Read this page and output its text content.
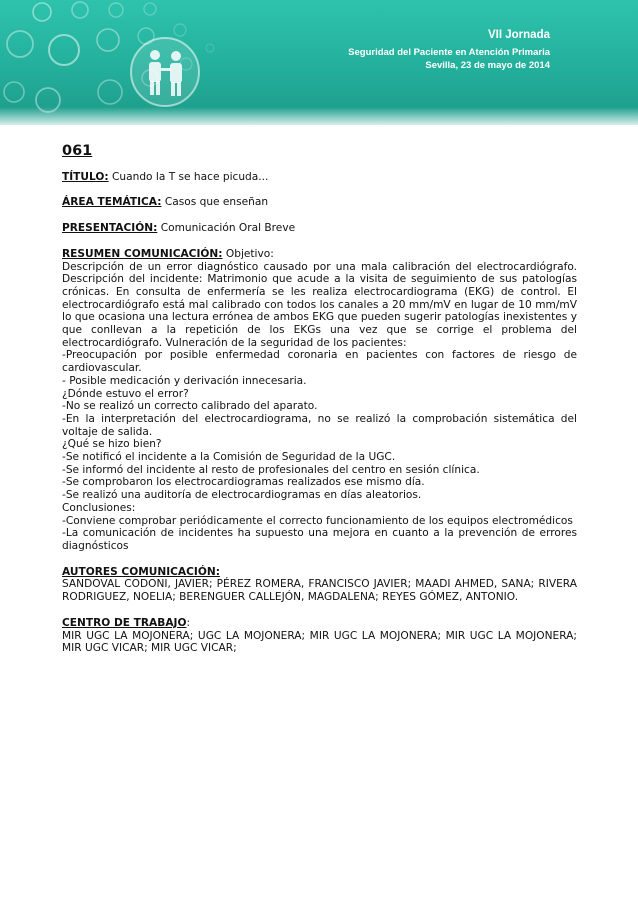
VII Jornada
Seguridad del Paciente en Atención Primaria
Sevilla, 23 de mayo de 2014
061
TÍTULO: Cuando la T se hace picuda...
ÁREA TEMÁTICA: Casos que enseñan
PRESENTACIÓN: Comunicación Oral Breve
RESUMEN COMUNICACIÓN: Objetivo:
Descripción de un error diagnóstico causado por una mala calibración del electrocardiógrafo. Descripción del incidente: Matrimonio que acude a la visita de seguimiento de sus patologías crónicas. En consulta de enfermería se les realiza electrocardiograma (EKG) de control. El electrocardiógrafo está mal calibrado con todos los canales a 20 mm/mV en lugar de 10 mm/mV lo que ocasiona una lectura errónea de ambos EKG que pueden sugerir patologías inexistentes y que conllevan a la repetición de los EKGs una vez que se corrige el problema del electrocardiógrafo. Vulneración de la seguridad de los pacientes:
-Preocupación por posible enfermedad coronaria en pacientes con factores de riesgo de cardiovascular.
- Posible medicación y derivación innecesaria.
¿Dónde estuvo el error?
-No se realizó un correcto calibrado del aparato.
-En la interpretación del electrocardiograma, no se realizó la comprobación sistemática del voltaje de salida.
¿Qué se hizo bien?
-Se notificó el incidente a la Comisión de Seguridad de la UGC.
-Se informó del incidente al resto de profesionales del centro en sesión clínica.
-Se comprobaron los electrocardiogramas realizados ese mismo día.
-Se realizó una auditoría de electrocardiogramas en días aleatorios.
Conclusiones:
-Conviene comprobar periódicamente el correcto funcionamiento de los equipos electromédicos
-La comunicación de incidentes ha supuesto una mejora en cuanto a la prevención de errores diagnósticos
AUTORES COMUNICACIÓN:
SANDOVAL CODONI, JAVIER; PÉREZ ROMERA, FRANCISCO JAVIER; MAADI AHMED, SANA; RIVERA RODRIGUEZ, NOELIA; BERENGUER CALLEJÓN, MAGDALENA; REYES GÓMEZ, ANTONIO.
CENTRO DE TRABAJO:
MIR UGC LA MOJONERA; UGC LA MOJONERA; MIR UGC LA MOJONERA; MIR UGC LA MOJONERA; MIR UGC VICAR; MIR UGC VICAR;
